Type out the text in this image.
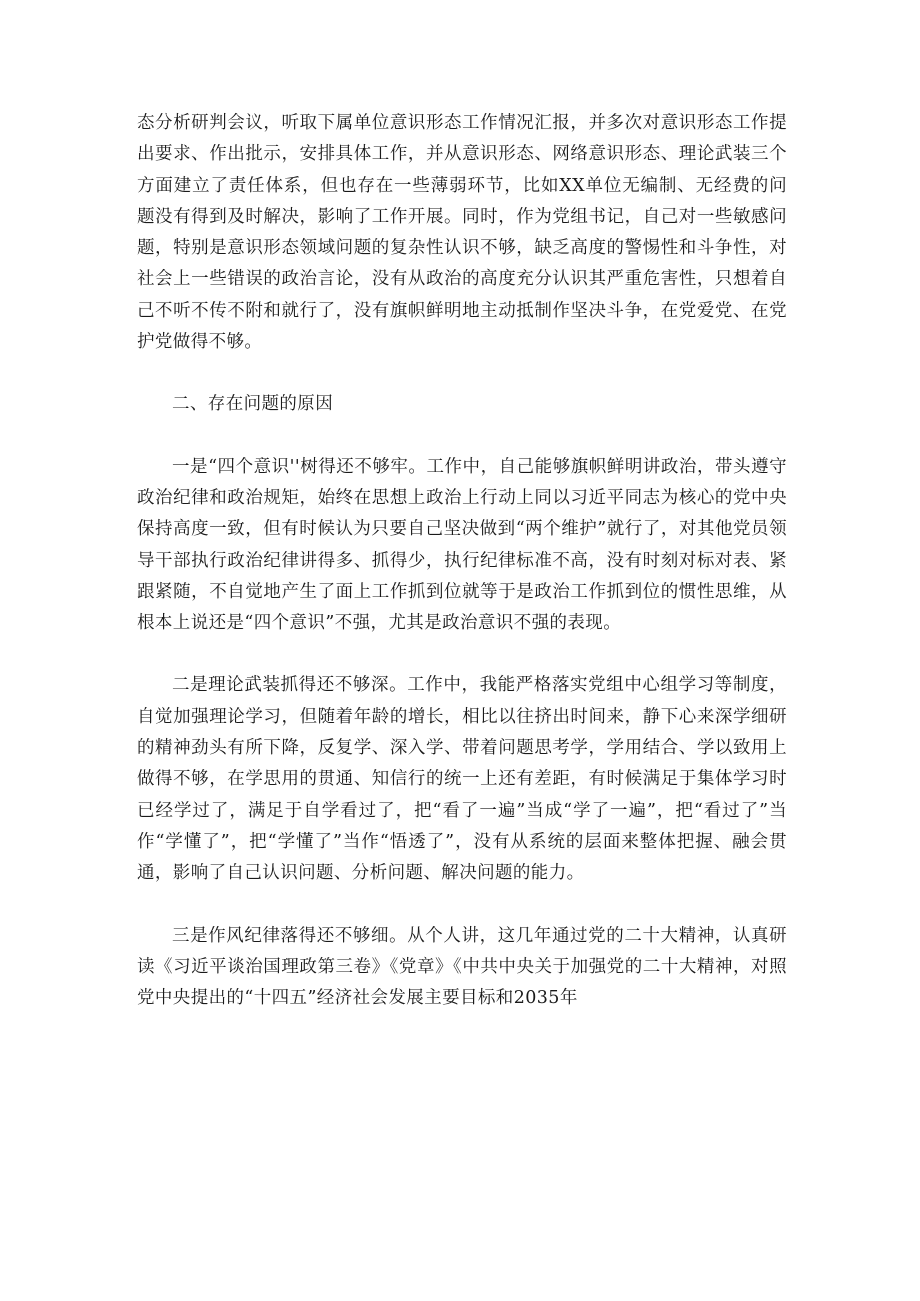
态分析研判会议，听取下属单位意识形态工作情况汇报，并多次对意识形态工作提出要求、作出批示，安排具体工作，并从意识形态、网络意识形态、理论武装三个方面建立了责任体系，但也存在一些薄弱环节，比如XX单位无编制、无经费的问题没有得到及时解决，影响了工作开展。同时，作为党组书记，自己对一些敏感问题，特别是意识形态领域问题的复杂性认识不够，缺乏高度的警惕性和斗争性，对社会上一些错误的政治言论，没有从政治的高度充分认识其严重危害性，只想着自己不听不传不附和就行了，没有旗帜鲜明地主动抵制作坚决斗争，在党爱党、在党护党做得不够。

二、存在问题的原因

一是“四个意识''树得还不够牢。工作中，自己能够旗帜鲜明讲政治，带头遵守政治纪律和政治规矩，始终在思想上政治上行动上同以习近平同志为核心的党中央保持高度一致，但有时候认为只要自己坚决做到“两个维护”就行了，对其他党员领导干部执行政治纪律讲得多、抓得少，执行纪律标准不高，没有时刻对标对表、紧跟紧随，不自觉地产生了面上工作抓到位就等于是政治工作抓到位的惯性思维，从根本上说还是“四个意识”不强，尤其是政治意识不强的表现。

二是理论武装抓得还不够深。工作中，我能严格落实党组中心组学习等制度，自觉加强理论学习，但随着年龄的增长，相比以往挤出时间来，静下心来深学细研的精神劲头有所下降，反复学、深入学、带着问题思考学，学用结合、学以致用上做得不够，在学思用的贯通、知信行的统一上还有差距，有时候满足于集体学习时已经学过了，满足于自学看过了，把“看了一遍”当成“学了一遍”，把“看过了”当作“学懂了”，把“学懂了”当作“悟透了”，没有从系统的层面来整体把握、融会贯通，影响了自己认识问题、分析问题、解决问题的能力。

三是作风纪律落得还不够细。从个人讲，这几年通过党的二十大精神，认真研读《习近平谈治国理政第三卷》《党章》《中共中央关于加强党的二十大精神，对照党中央提出的“十四五”经济社会发展主要目标和2035年
